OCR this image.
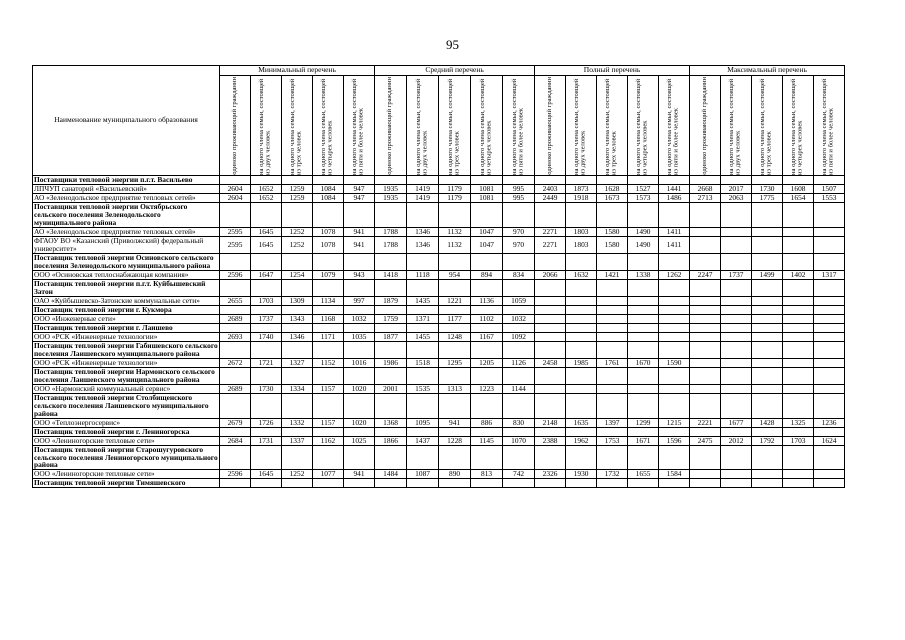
95
Наименование муниципального образования	Минимальный перечень					Средний перечень					Полный перечень					Максимальный перечень				

	одиноко проживающий гражданин	на одного члена семьи, состоящей из двух человек	на одного члена семьи, состоящей из трех человек	на одного члена семьи, состоящей из четырех человек	на одного члена семьи, состоящей из пяти и более человек	одиноко проживающий гражданин	на одного члена семьи, состоящей из двух человек	на одного члена семьи, состоящей из трех человек	на одного члена семьи, состоящей из четырех человек	на одного члена семьи, состоящей из пяти и более человек	одиноко проживающий гражданин	на одного члена семьи, состоящей из двух человек	на одного члена семьи, состоящей из трех человек	на одного члена семьи, состоящей из четырех человек	на одного члена семьи, состоящей из пяти и более человек	одиноко проживающий гражданин	на одного члена семьи, состоящей из двух человек	на одного члена семьи, состоящей из трех человек	на одного члена семьи, состоящей из четырех человек	на одного члена семьи, состоящей из пяти и более человек

Поставщики тепловой энергии п.г.т. Васильево																				
ЛПЧУП санаторий «Васильевский»	2604	1652	1259	1084	947	1935	1419	1179	1081	995	2403	1873	1628	1527	1441	2668	2017	1730	1608	1507
АО «Зеленодольское предприятие тепловых сетей»	2604	1652	1259	1084	947	1935	1419	1179	1081	995	2449	1918	1673	1573	1486	2713	2063	1775	1654	1553
Поставщики тепловой энергии Октябрьского сельского поселения Зеленодольского муниципального района																				
АО «Зеленодольское предприятие тепловых сетей»	2595	1645	1252	1078	941	1788	1346	1132	1047	970	2271	1803	1580	1490	1411					
ФГАОУ ВО «Казанский (Приволжский) федеральный университет»	2595	1645	1252	1078	941	1788	1346	1132	1047	970	2271	1803	1580	1490	1411					
Поставщик тепловой энергии Осиновского сельского поселения Зеленодольского муниципального района																				
ООО «Осиновская теплоснабжающая компания»	2596	1647	1254	1079	943	1418	1118	954	894	834	2066	1632	1421	1338	1262	2247	1737	1499	1402	1317
Поставщик тепловой энергии п.г.т. Куйбышевский Затон																				
ОАО «Куйбышевско-Затонские коммунальные сети»	2655	1703	1309	1134	997	1879	1435	1221	1136	1059										
Поставщик тепловой энергии г. Кукмора																				
ООО «Инженерные сети»	2689	1737	1343	1168	1032	1759	1371	1177	1102	1032										
Поставщик тепловой энергии г. Лаишево																				
ООО «РСК «Инженерные технологии»	2693	1740	1346	1171	1035	1877	1455	1248	1167	1092										
Поставщик тепловой энергии Габишевского сельского поселения Лаишевского муниципального района																				
ООО «РСК «Инженерные технологии»	2672	1721	1327	1152	1016	1986	1518	1295	1205	1126	2458	1985	1761	1670	1590					
Поставщик тепловой энергии Нармонского сельского поселения Лаишевского муниципального района																				
ООО «Нармонский коммунальный сервис»	2689	1730	1334	1157	1020	2001	1535	1313	1223	1144										
Поставщик тепловой энергии Столбищенского сельского поселения Лаишевского муниципального района																				
ООО «Теплоэнергосервис»	2679	1726	1332	1157	1020	1368	1095	941	886	830	2148	1635	1397	1299	1215	2221	1677	1428	1325	1236
Поставщик тепловой энергии г. Лениногорска																				
ООО «Лениногорские тепловые сети»	2684	1731	1337	1162	1025	1866	1437	1228	1145	1070	2388	1962	1753	1671	1596	2475	2012	1792	1703	1624
Поставщик тепловой энергии Старошугуровского сельского поселения Лениногорского муниципального района																				
ООО «Лениногорские тепловые сети»	2596	1645	1252	1077	941	1484	1087	890	813	742	2326	1930	1732	1655	1584					
Поставщик тепловой энергии Тимяшевского																				
